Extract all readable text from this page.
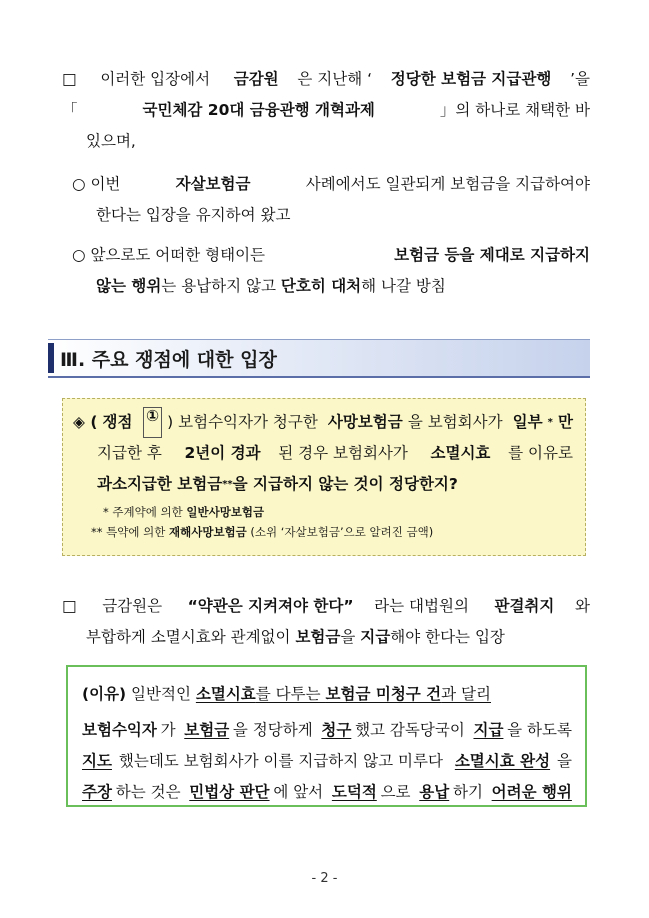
□ 이러한 입장에서 금감원 은 지난해 ‘ 정당한 보험금 지급관행 ’을
「	국민체감 20대 금융관행 개혁과제	」의 하나로 채택한 바
있으며,
○ 이번	자살보험금	사례에서도 일관되게 보험금을 지급하여야
한다는 입장을 유지하여 왔고
○ 앞으로도 어떠한 형태이든	보험금 등을 제대로 지급하지
않는 행위 는 용납하지 않고 단호히 대처 해 나갈 방침
Ⅲ. 주요 쟁점에 대한 입장
◈ ( 쟁점 ① ) 보험수익자가 청구한 사망보험금 을 보험회사가 일부 * 만
지급한 후 2년이 경과 된 경우 보험회사가 소멸시효 를 이유로
과소지급한 보험금 ** 을 지급하지 않는 것이 정당한지?
* 주계약에 의한 일반사망보험금
** 특약에 의한 재해사망보험금 (소위 ‘자살보험금’으로 알려진 금액)
□ 금감원은 “약관은 지켜져야 한다” 라는 대법원의 판결취지 와
부합하게 소멸시효와 관계없이 보험금 을 지급 해야 한다는 입장
(이유) 일반적인 소멸시효 를 다투는 보험금 미청구 건 과 달리
보험수익자 가 보험금 을 정당하게 청구 했고 감독당국이 지급 을 하도록
지도 했는데도 보험회사가 이를 지급하지 않고 미루다 소멸시효 완성 을
주장 하는 것은 민법상 판단 에 앞서 도덕적 으로 용납 하기 어려운 행위
- 2 -
